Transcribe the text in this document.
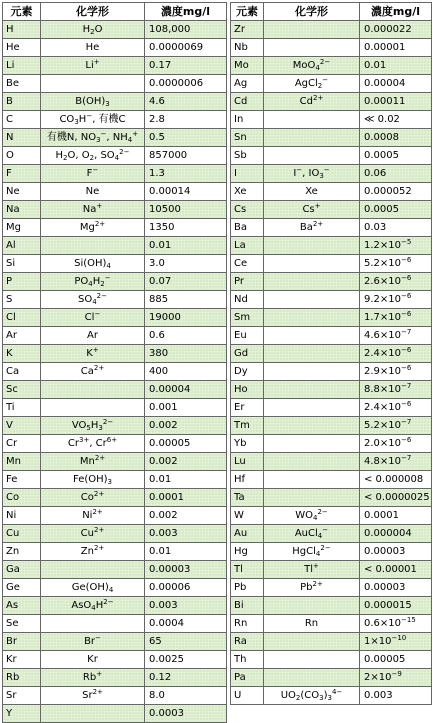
元素	化学形	濃度mg/l
H	$H_2O$	108,000
He	He	0.0000069
Li	Li+	0.17
Be		0.0000006
B	$B(OH)_3$	4.6
C	$CO_3H^-$, 有機C	2.8
N	有機N, $NO_3^-$, $NH_4^+$	0.5
O	$H_2O$, $O_2$, $SO_4^{2-}$	857000
F	F−	1.3
Ne	Ne	0.00014
Na	Na+	10500
Mg	$Mg^{2+}$	1350
Al		0.01
Si	$Si(OH)_4$	3.0
P	$PO_4H_2^-$	0.07
S	$SO_4^{2-}$	885
Cl	Cl−	19000
Ar	Ar	0.6
K	K+	380
Ca	$Ca^{2+}$	400
Sc		0.00004
Ti		0.001
V	$VO_5H_3^{2-}$	0.002
Cr	$Cr^{3+}$, $Cr^{6+}$	0.00005
Mn	$Mn^{2+}$	0.002
Fe	$Fe(OH)_3$	0.01
Co	$Co^{2+}$	0.0001
Ni	$Ni^{2+}$	0.002
Cu	$Cu^{2+}$	0.003
Zn	$Zn^{2+}$	0.01
Ga		0.00003
Ge	$Ge(OH)_4$	0.00006
As	$AsO_4H^{2-}$	0.003
Se		0.0004
Br	Br−	65
Kr	Kr	0.0025
Rb	Rb+	0.12
Sr	$Sr^{2+}$	8.0
Y		0.0003
元素	化学形	濃度mg/l
Zr		0.000022
Nb		0.00001
Mo	MoO$_4^{2-}$	0.01
Ag	AgCl$_2$−	0.00004
Cd	$Cd^{2+}$	0.00011
In		≪ 0.02
Sn		0.0008
Sb		0.0005
I	I−, $IO_3^-$	0.06
Xe	Xe	0.000052
Cs	Cs+	0.0005
Ba	$Ba^{2+}$	0.03
La		$1.2\times 10^{-5}$
Ce		$5.2\times 10^{-6}$
Pr		$2.6\times 10^{-6}$
Nd		$9.2\times 10^{-6}$
Sm		$1.7\times 10^{-6}$
Eu		$4.6\times 10^{-7}$
Gd		$2.4\times 10^{-6}$
Dy		$2.9\times 10^{-6}$
Ho		$8.8\times 10^{-7}$
Er		$2.4\times 10^{-6}$
Tm		$5.2\times 10^{-7}$
Yb		$2.0\times 10^{-6}$
Lu		$4.8\times 10^{-7}$
Hf		< 0.000008
Ta		< 0.0000025
W	$WO_4^{2-}$	0.0001
Au	AuCl$_4$−	0.000004
Hg	HgCl$_4^{2-}$	0.00003
Tl	Tl+	< 0.00001
Pb	$Pb^{2+}$	0.00003
Bi		0.000015
Rn	Rn	$0.6\times 10^{-15}$
Ra		$1\times 10^{-10}$
Th		0.00005
Pa		$2\times 10^{-9}$
U	$UO_2(CO_3)_3^{4-}$	0.003
